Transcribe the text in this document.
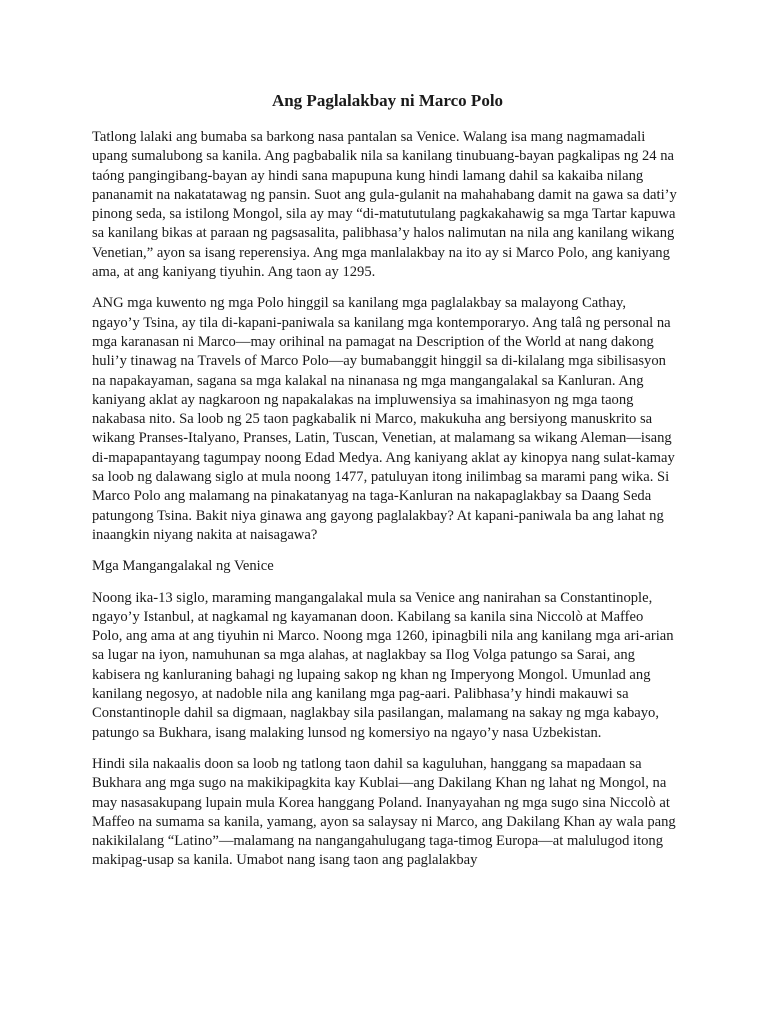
Ang Paglalakbay ni Marco Polo

Tatlong lalaki ang bumaba sa barkong nasa pantalan sa Venice. Walang isa mang nagmamadali upang sumalubong sa kanila. Ang pagbabalik nila sa kanilang tinubuang-bayan pagkalipas ng 24 na taóng pangingibang-bayan ay hindi sana mapupuna kung hindi lamang dahil sa kakaiba nilang pananamit na nakatatawag ng pansin. Suot ang gula-gulanit na mahahabang damit na gawa sa dati’y pinong seda, sa istilong Mongol, sila ay may “di-matututulang pagkakahawig sa mga Tartar kapuwa sa kanilang bikas at paraan ng pagsasalita, palibhasa’y halos nalimutan na nila ang kanilang wikang Venetian,” ayon sa isang reperensiya. Ang mga manlalakbay na ito ay si Marco Polo, ang kaniyang ama, at ang kaniyang tiyuhin. Ang taon ay 1295.

ANG mga kuwento ng mga Polo hinggil sa kanilang mga paglalakbay sa malayong Cathay, ngayo’y Tsina, ay tila di-kapani-paniwala sa kanilang mga kontemporaryo. Ang talâ ng personal na mga karanasan ni Marco—may orihinal na pamagat na Description of the World at nang dakong huli’y tinawag na Travels of Marco Polo—ay bumabanggit hinggil sa di-kilalang mga sibilisasyon na napakayaman, sagana sa mga kalakal na ninanasa ng mga mangangalakal sa Kanluran. Ang kaniyang aklat ay nagkaroon ng napakalakas na impluwensiya sa imahinasyon ng mga taong nakabasa nito. Sa loob ng 25 taon pagkabalik ni Marco, makukuha ang bersiyong manuskrito sa wikang Pranses-Italyano, Pranses, Latin, Tuscan, Venetian, at malamang sa wikang Aleman—isang di-mapapantayang tagumpay noong Edad Medya. Ang kaniyang aklat ay kinopya nang sulat-kamay sa loob ng dalawang siglo at mula noong 1477, patuluyan itong inilimbag sa marami pang wika. Si Marco Polo ang malamang na pinakatanyag na taga-Kanluran na nakapaglakbay sa Daang Seda patungong Tsina. Bakit niya ginawa ang gayong paglalakbay? At kapani-paniwala ba ang lahat ng inaangkin niyang nakita at naisagawa?

Mga Mangangalakal ng Venice

Noong ika-13 siglo, maraming mangangalakal mula sa Venice ang nanirahan sa Constantinople, ngayo’y Istanbul, at nagkamal ng kayamanan doon. Kabilang sa kanila sina Niccolò at Maffeo Polo, ang ama at ang tiyuhin ni Marco. Noong mga 1260, ipinagbili nila ang kanilang mga ari-arian sa lugar na iyon, namuhunan sa mga alahas, at naglakbay sa Ilog Volga patungo sa Sarai, ang kabisera ng kanluraning bahagi ng lupaing sakop ng khan ng Imperyong Mongol. Umunlad ang kanilang negosyo, at nadoble nila ang kanilang mga pag-aari. Palibhasa’y hindi makauwi sa Constantinople dahil sa digmaan, naglakbay sila pasilangan, malamang na sakay ng mga kabayo, patungo sa Bukhara, isang malaking lunsod ng komersiyo na ngayo’y nasa Uzbekistan.

Hindi sila nakaalis doon sa loob ng tatlong taon dahil sa kaguluhan, hanggang sa mapadaan sa Bukhara ang mga sugo na makikipagkita kay Kublai—ang Dakilang Khan ng lahat ng Mongol, na may nasasakupang lupain mula Korea hanggang Poland. Inanyayahan ng mga sugo sina Niccolò at Maffeo na sumama sa kanila, yamang, ayon sa salaysay ni Marco, ang Dakilang Khan ay wala pang nakikilalang “Latino”—malamang na nangangahulugang taga-timog Europa—at malulugod itong makipag-usap sa kanila. Umabot nang isang taon ang paglalakbay
